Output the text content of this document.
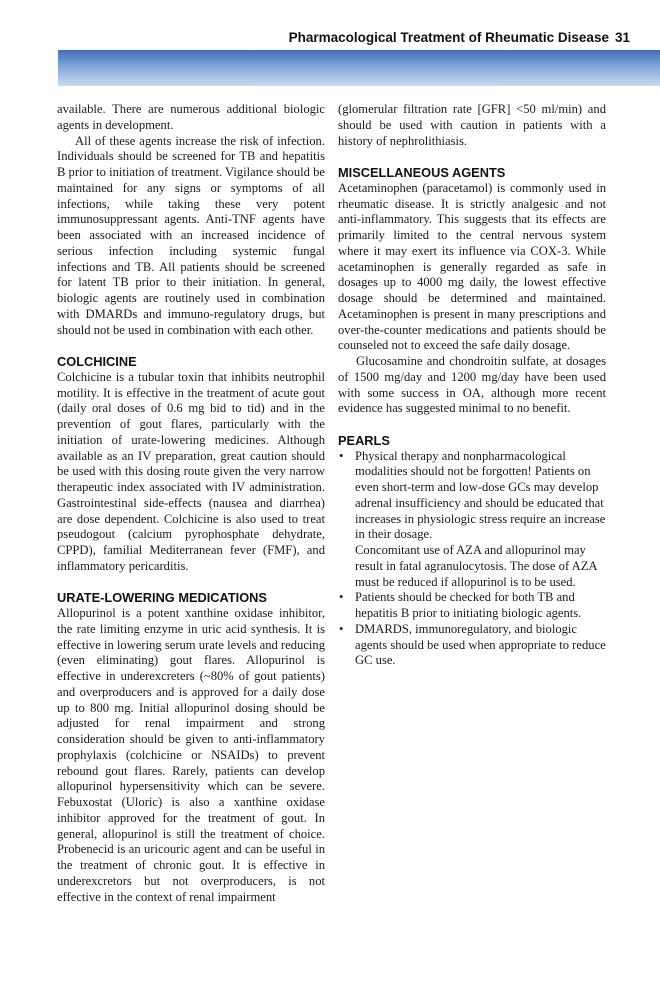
Pharmacological Treatment of Rheumatic Disease 31

available. There are numerous additional biologic agents in development.

All of these agents increase the risk of infection. Individuals should be screened for TB and hepatitis B prior to initiation of treatment. Vigilance should be maintained for any signs or symptoms of all infections, while taking these very potent immunosuppressant agents. Anti-TNF agents have been associated with an increased incidence of serious infection including systemic fungal infections and TB. All patients should be screened for latent TB prior to their initiation. In general, biologic agents are routinely used in combination with DMARDs and immuno-regulatory drugs, but should not be used in combination with each other.

COLCHICINE

Colchicine is a tubular toxin that inhibits neutrophil motility. It is effective in the treatment of acute gout (daily oral doses of 0.6 mg bid to tid) and in the prevention of gout flares, particularly with the initiation of urate-lowering medicines. Although available as an IV preparation, great caution should be used with this dosing route given the very narrow therapeutic index associated with IV administration. Gastrointestinal side-effects (nausea and diarrhea) are dose dependent. Colchicine is also used to treat pseudogout (calcium pyrophosphate dehydrate, CPPD), familial Mediterranean fever (FMF), and inflammatory pericarditis.

URATE-LOWERING MEDICATIONS

Allopurinol is a potent xanthine oxidase inhibitor, the rate limiting enzyme in uric acid synthesis. It is effective in lowering serum urate levels and reducing (even eliminating) gout flares. Allopurinol is effective in underexcreters (~80% of gout patients) and overproducers and is approved for a daily dose up to 800 mg. Initial allopurinol dosing should be adjusted for renal impairment and strong consideration should be given to anti-inflammatory prophylaxis (colchicine or NSAIDs) to prevent rebound gout flares. Rarely, patients can develop allopurinol hypersensitivity which can be severe. Febuxostat (Uloric) is also a xanthine oxidase inhibitor approved for the treatment of gout. In general, allopurinol is still the treatment of choice. Probenecid is an uricouric agent and can be useful in the treatment of chronic gout. It is effective in underexcretors but not overproducers, is not effective in the context of renal impairment

(glomerular filtration rate [GFR] <50 ml/min) and should be used with caution in patients with a history of nephrolithiasis.

MISCELLANEOUS AGENTS

Acetaminophen (paracetamol) is commonly used in rheumatic disease. It is strictly analgesic and not anti-inflammatory. This suggests that its effects are primarily limited to the central nervous system where it may exert its influence via COX-3. While acetaminophen is generally regarded as safe in dosages up to 4000 mg daily, the lowest effective dosage should be determined and maintained. Acetaminophen is present in many prescriptions and over-the-counter medications and patients should be counseled not to exceed the safe daily dosage.

Glucosamine and chondroitin sulfate, at dosages of 1500 mg/day and 1200 mg/day have been used with some success in OA, although more recent evidence has suggested minimal to no benefit.

PEARLS
• Physical therapy and nonpharmacological modalities should not be forgotten! Patients on even short-term and low-dose GCs may develop adrenal insufficiency and should be educated that increases in physiologic stress require an increase in their dosage.
Concomitant use of AZA and allopurinol may result in fatal agranulocytosis. The dose of AZA must be reduced if allopurinol is to be used.
• Patients should be checked for both TB and hepatitis B prior to initiating biologic agents.
• DMARDS, immunoregulatory, and biologic agents should be used when appropriate to reduce GC use.
